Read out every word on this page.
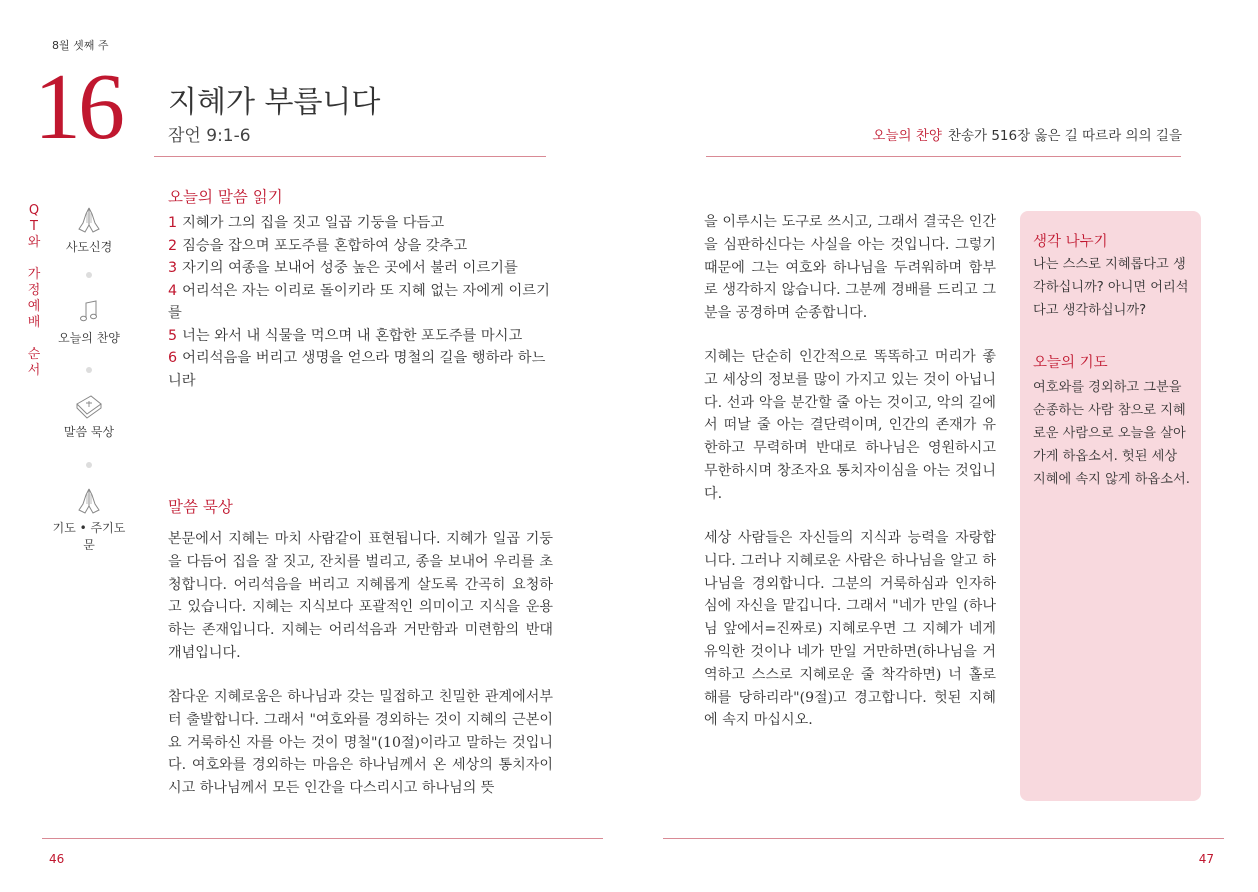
8월 셋째 주
16 지혜가 부릅니다
잠언 9:1-6	오늘의 찬양 찬송가 516장 옳은 길 따르라 의의 길을
Q
T
와
가
정
예
배
순
서
사도신경
오늘의 찬양
말씀 묵상
기도 • 주기도문
오늘의 말씀 읽기
1 지혜가 그의 집을 짓고 일곱 기둥을 다듬고
2 짐승을 잡으며 포도주를 혼합하여 상을 갖추고
3 자기의 여종을 보내어 성중 높은 곳에서 불러 이르기를
4 어리석은 자는 이리로 돌이키라 또 지혜 없는 자에게 이르기를
5 너는 와서 내 식물을 먹으며 내 혼합한 포도주를 마시고
6 어리석음을 버리고 생명을 얻으라 명철의 길을 행하라 하느니라
말씀 묵상

본문에서 지혜는 마치 사람같이 표현됩니다. 지혜가 일곱 기둥을 다듬어 집을 잘 짓고, 잔치를 벌리고, 종을 보내어 우리를 초청합니다. 어리석음을 버리고 지혜롭게 살도록 간곡히 요청하고 있습니다. 지혜는 지식보다 포괄적인 의미이고 지식을 운용하는 존재입니다. 지혜는 어리석음과 거만함과 미련함의 반대 개념입니다.

참다운 지혜로움은 하나님과 갖는 밀접하고 친밀한 관계에서부터 출발합니다. 그래서 "여호와를 경외하는 것이 지혜의 근본이요 거룩하신 자를 아는 것이 명철"(10절)이라고 말하는 것입니다. 여호와를 경외하는 마음은 하나님께서 온 세상의 통치자이시고 하나님께서 모든 인간을 다스리시고 하나님의 뜻

을 이루시는 도구로 쓰시고, 그래서 결국은 인간을 심판하신다는 사실을 아는 것입니다. 그렇기 때문에 그는 여호와 하나님을 두려워하며 함부로 생각하지 않습니다. 그분께 경배를 드리고 그분을 공경하며 순종합니다.

지혜는 단순히 인간적으로 똑똑하고 머리가 좋고 세상의 정보를 많이 가지고 있는 것이 아닙니다. 선과 악을 분간할 줄 아는 것이고, 악의 길에서 떠날 줄 아는 결단력이며, 인간의 존재가 유한하고 무력하며 반대로 하나님은 영원하시고 무한하시며 창조자요 통치자이심을 아는 것입니다.

세상 사람들은 자신들의 지식과 능력을 자랑합니다. 그러나 지혜로운 사람은 하나님을 알고 하나님을 경외합니다. 그분의 거룩하심과 인자하심에 자신을 맡깁니다. 그래서 "네가 만일 (하나님 앞에서=진짜로) 지혜로우면 그 지혜가 네게 유익한 것이나 네가 만일 거만하면(하나님을 거역하고 스스로 지혜로운 줄 착각하면) 너 홀로 해를 당하리라"(9절)고 경고합니다. 헛된 지혜에 속지 마십시오.

생각 나누기
나는 스스로 지혜롭다고 생각하십니까? 아니면 어리석다고 생각하십니까?
오늘의 기도
여호와를 경외하고 그분을 순종하는 사람 참으로 지혜로운 사람으로 오늘을 살아가게 하옵소서. 헛된 세상 지혜에 속지 않게 하옵소서.
46	47
